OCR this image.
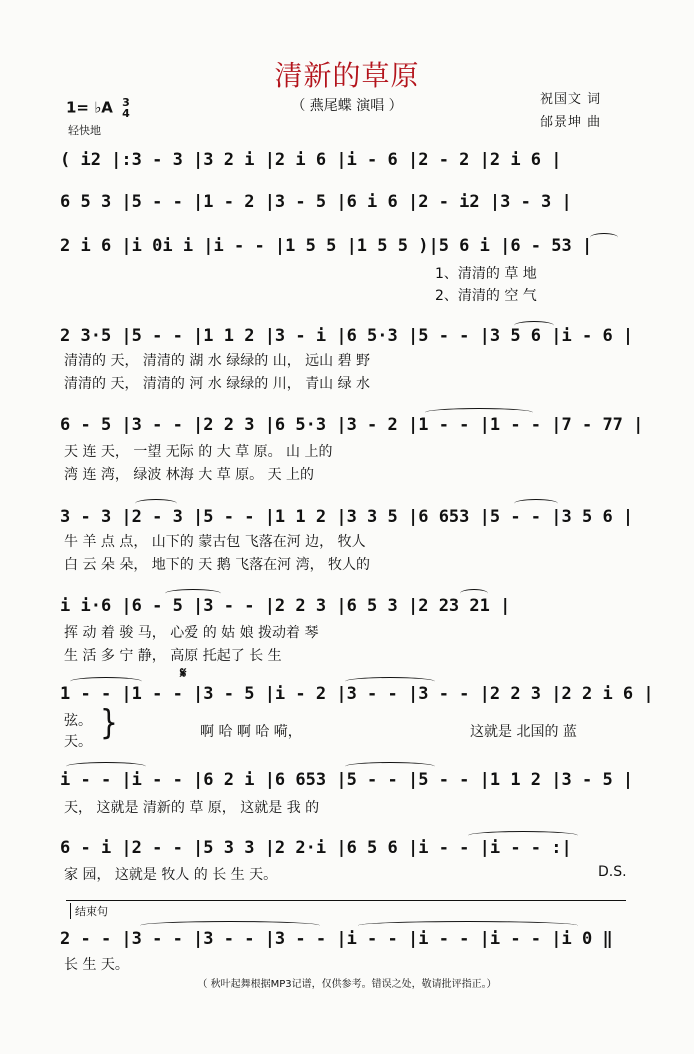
清新的草原
（ 燕尾蝶 演唱 ）
1= ♭A 3
4
轻快地
祝国文 词
邰景坤 曲
( i2 |:3 - 3 |3 2 i |2 i 6 |i - 6 |2 - 2 |2 i 6 |
6 5 3 |5 - - |1 - 2 |3 - 5 |6 i 6 |2 - i2 |3 - 3 |
2 i 6 |i 0i i |i - - |1 5 5 |1 5 5 )|5 6 i |6 - 53 |
1、清清的 草 地
2、清清的 空 气
2 3·5 |5 - - |1 1 2 |3 - i |6 5·3 |5 - - |3 5 6 |i - 6 |
清清的 天， 清清的 湖 水 绿绿的 山， 远山 碧 野
清清的 天， 清清的 河 水 绿绿的 川， 青山 绿 水
6 - 5 |3 - - |2 2 3 |6 5·3 |3 - 2 |1 - - |1 - - |7 - 77 |
天 连 天， 一望 无际 的 大 草 原。 山 上的
湾 连 湾， 绿波 林海 大 草 原。 天 上的
3 - 3 |2 - 3 |5 - - |1 1 2 |3 3 5 |6 653 |5 - - |3 5 6 |
牛 羊 点 点， 山下的 蒙古包 飞落在河 边， 牧人
白 云 朵 朵， 地下的 天 鹅 飞落在河 湾， 牧人的
i i·6 |6 - 5 |3 - - |2 2 3 |6 5 3 |2 23 21 |
挥 动 着 骏 马， 心爱 的 姑 娘 拨动着 琴
生 活 多 宁 静， 高原 托起了 长 生
𝄋
1 - - |1 - - |3 - 5 |i - 2 |3 - - |3 - - |2 2 3 |2 2 i 6 |
弦。
天。 }	啊 哈 啊 哈 嗬，	这就是 北国的 蓝
i - - |i - - |6 2 i |6 653 |5 - - |5 - - |1 1 2 |3 - 5 |
天， 这就是 清新的 草 原， 这就是 我 的
6 - i |2 - - |5 3 3 |2 2·i |6 5 6 |i - - |i - - :|
家 园， 这就是 牧人 的 长 生 天。	D.S.
结束句
2 - - |3 - - |3 - - |3 - - |i - - |i - - |i - - |i 0 ‖
长 生 天。
（ 秋叶起舞根据MP3记谱，仅供参考。错误之处，敬请批评指正。）
